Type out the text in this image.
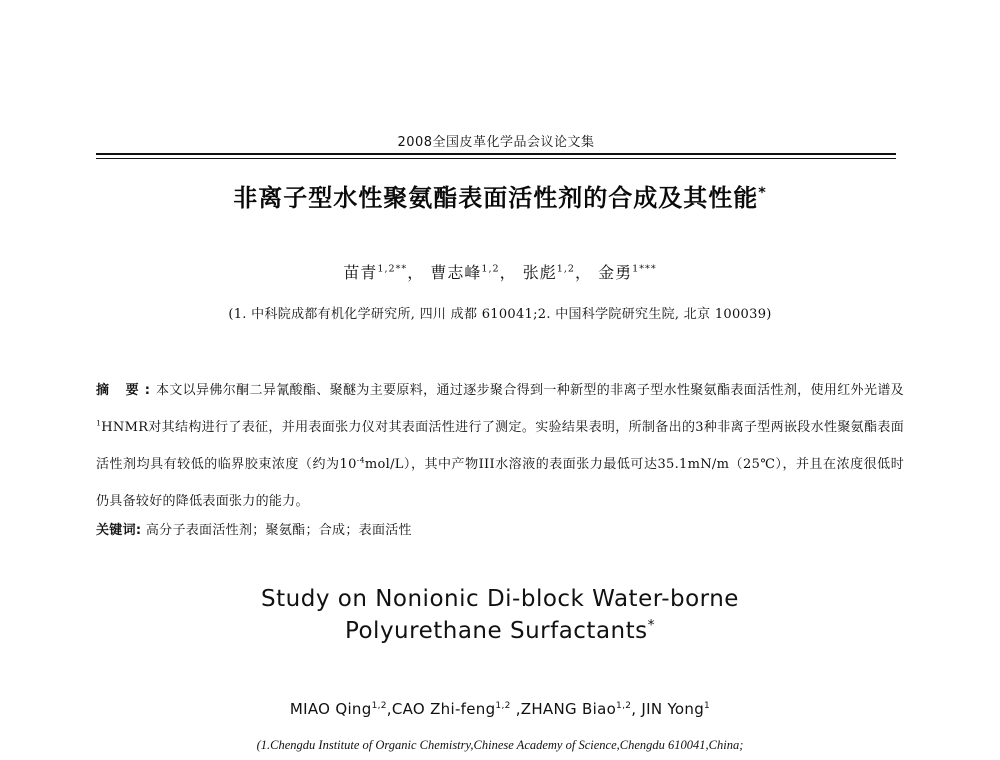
2008全国皮革化学品会议论文集
非离子型水性聚氨酯表面活性剂的合成及其性能*
苗青$^{1,2**}$， 曹志峰$^{1,2}$， 张彪$^{1,2}$， 金勇$^{1***}$
(1. 中科院成都有机化学研究所, 四川 成都 610041;2. 中国科学院研究生院, 北京 100039)
摘 要:本文以异佛尔酮二异氰酸酯、聚醚为主要原料，通过逐步聚合得到一种新型的非离子型水性聚氨酯表面活性剂，使用红外光谱及$^1$HNMR对其结构进行了表征，并用表面张力仪对其表面活性进行了测定。实验结果表明，所制备出的3种非离子型两嵌段水性聚氨酯表面活性剂均具有较低的临界胶束浓度（约为$10^{-4}mol/L$），其中产物III水溶液的表面张力最低可达35.1mN/m（25℃），并且在浓度很低时仍具备较好的降低表面张力的能力。
关键词: 高分子表面活性剂；聚氨酯；合成；表面活性
Study on Nonionic Di-block Water-borne
Polyurethane Surfactants*
MIAO Qing$^{1,2}$,CAO Zhi-feng$^{1,2}$ ,ZHANG Biao$^{1,2}$, JIN Yong$^1$
(1.Chengdu Institute of Organic Chemistry,Chinese Academy of Science,Chengdu 610041,China;
